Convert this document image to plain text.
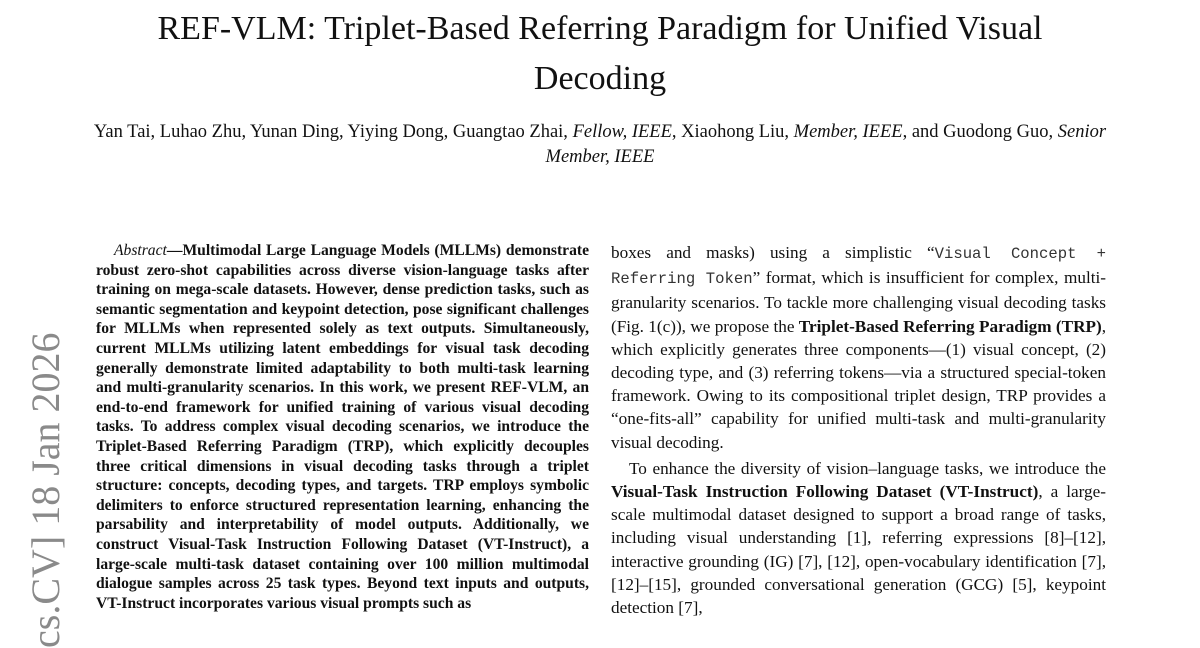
REF-VLM: Triplet-Based Referring Paradigm for Unified Visual Decoding

Yan Tai, Luhao Zhu, Yunan Ding, Yiying Dong, Guangtao Zhai, Fellow, IEEE, Xiaohong Liu, Member, IEEE, and Guodong Guo, Senior Member, IEEE

cs.CV] 18 Jan 2026

Abstract—Multimodal Large Language Models (MLLMs) demonstrate robust zero-shot capabilities across diverse vision-language tasks after training on mega-scale datasets. However, dense prediction tasks, such as semantic segmentation and keypoint detection, pose significant challenges for MLLMs when represented solely as text outputs. Simultaneously, current MLLMs utilizing latent embeddings for visual task decoding generally demonstrate limited adaptability to both multi-task learning and multi-granularity scenarios. In this work, we present REF-VLM, an end-to-end framework for unified training of various visual decoding tasks. To address complex visual decoding scenarios, we introduce the Triplet-Based Referring Paradigm (TRP), which explicitly decouples three critical dimensions in visual decoding tasks through a triplet structure: concepts, decoding types, and targets. TRP employs symbolic delimiters to enforce structured representation learning, enhancing the parsability and interpretability of model outputs. Additionally, we construct Visual-Task Instruction Following Dataset (VT-Instruct), a large-scale multi-task dataset containing over 100 million multimodal dialogue samples across 25 task types. Beyond text inputs and outputs, VT-Instruct incorporates various visual prompts such as

boxes and masks) using a simplistic “Visual Concept + Referring Token” format, which is insufficient for complex, multi-granularity scenarios. To tackle more challenging visual decoding tasks (Fig. 1(c)), we propose the Triplet-Based Referring Paradigm (TRP), which explicitly generates three components—(1) visual concept, (2) decoding type, and (3) referring tokens—via a structured special-token framework. Owing to its compositional triplet design, TRP provides a “one-fits-all” capability for unified multi-task and multi-granularity visual decoding.

To enhance the diversity of vision–language tasks, we introduce the Visual-Task Instruction Following Dataset (VT-Instruct), a large-scale multimodal dataset designed to support a broad range of tasks, including visual understanding [1], referring expressions [8]–[12], interactive grounding (IG) [7], [12], open-vocabulary identification [7], [12]–[15], grounded conversational generation (GCG) [5], keypoint detection [7],
